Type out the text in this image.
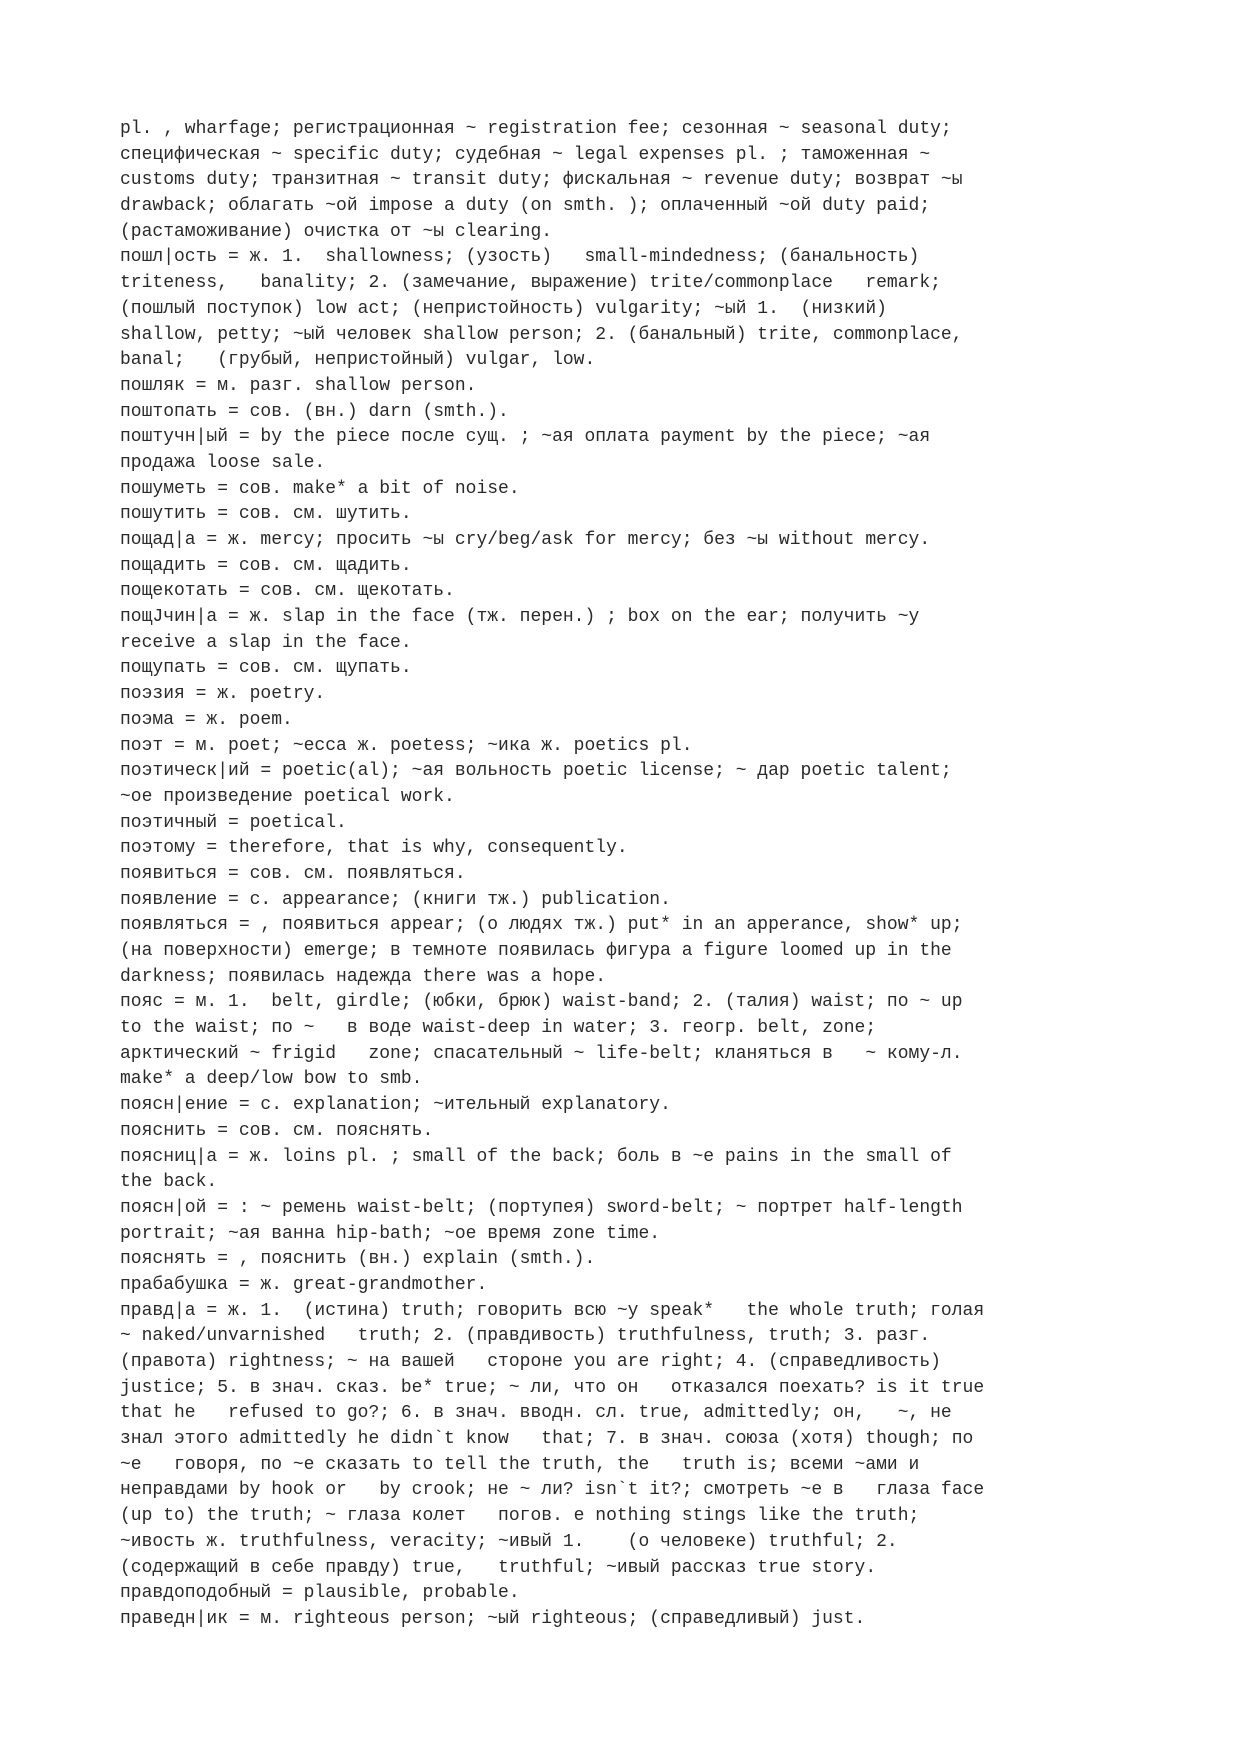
pl. , wharfage; регистрационная ~ registration fee; сезонная ~ seasonal duty;
специфическая ~ specific duty; судебная ~ legal expenses pl. ; таможенная ~
customs duty; транзитная ~ transit duty; фискальная ~ revenue duty; возврат ~ы
drawback; облагать ~ой impose a duty (on smth. ); оплаченный ~ой duty paid;
(растаможивание) очистка от ~ы clearing.
пошл|ость = ж. 1.  shallowness; (узость)   small-mindedness; (банальность)
triteness,   banality; 2. (замечание, выражение) trite/commonplace   remark;
(пошлый поступок) low act; (непристойность) vulgarity; ~ый 1.  (низкий)
shallow, petty; ~ый человек shallow person; 2. (банальный) trite, commonplace,
banal;   (грубый, непристойный) vulgar, low.
пошляк = м. разг. shallow person.
поштопать = сов. (вн.) darn (smth.).
поштучн|ый = by the piece после сущ. ; ~ая оплата payment by the piece; ~ая
продажа loose sale.
пошуметь = сов. make* a bit of noise.
пошутить = сов. см. шутить.
пощад|а = ж. mercy; просить ~ы cry/beg/ask for mercy; без ~ы without mercy.
пощадить = сов. см. щадить.
пощекотать = сов. см. щекотать.
пощJчин|а = ж. slap in the face (тж. перен.) ; box on the ear; получить ~у
receive a slap in the face.
пощупать = сов. см. щупать.
поэзия = ж. poetry.
поэма = ж. poem.
поэт = м. poet; ~есса ж. poetess; ~ика ж. poetics pl.
поэтическ|ий = poetic(al); ~ая вольность poetic license; ~ дар poetic talent;
~ое произведение poetical work.
поэтичный = poetical.
поэтому = therefore, that is why, consequently.
появиться = сов. см. появляться.
появление = с. appearance; (книги тж.) publication.
появляться = , появиться appear; (о людях тж.) put* in an apperance, show* up;
(на поверхности) emerge; в темноте появилась фигура a figure loomed up in the
darkness; появилась надежда there was a hope.
пояс = м. 1.  belt, girdle; (юбки, брюк) waist-band; 2. (талия) waist; по ~ up
to the waist; по ~   в воде waist-deep in water; 3. геогр. belt, zone;
арктический ~ frigid   zone; спасательный ~ life-belt; кланяться в   ~ кому-л.
make* a deep/low bow to smb.
поясн|ение = с. explanation; ~ительный explanatory.
пояснить = сов. см. пояснять.
поясниц|а = ж. loins pl. ; small of the back; боль в ~е pains in the small of
the back.
поясн|ой = : ~ ремень waist-belt; (портупея) sword-belt; ~ портрет half-length
portrait; ~ая ванна hip-bath; ~ое время zone time.
пояснять = , пояснить (вн.) explain (smth.).
прабабушка = ж. great-grandmother.
правд|а = ж. 1.  (истина) truth; говорить всю ~у speak*   the whole truth; голая
~ naked/unvarnished   truth; 2. (правдивость) truthfulness, truth; 3. разг.
(правота) rightness; ~ на вашей   стороне you are right; 4. (справедливость)
justice; 5. в знач. сказ. be* true; ~ ли, что он   отказался поехать? is it true
that he   refused to go?; 6. в знач. вводн. сл. true, admittedly; он,   ~, не
знал этого admittedly he didn`t know   that; 7. в знач. союза (хотя) though; по
~е   говоря, по ~е сказать to tell the truth, the   truth is; всеми ~ами и
неправдами by hook or   by crook; не ~ ли? isn`t it?; смотреть ~е в   глаза face
(up to) the truth; ~ глаза колет   погов. e nothing stings like the truth;
~ивость ж. truthfulness, veracity; ~ивый 1.    (о человеке) truthful; 2.
(содержащий в себе правду) true,   truthful; ~ивый рассказ true story.
правдоподобный = plausible, probable.
праведн|ик = м. righteous person; ~ый righteous; (справедливый) just.
